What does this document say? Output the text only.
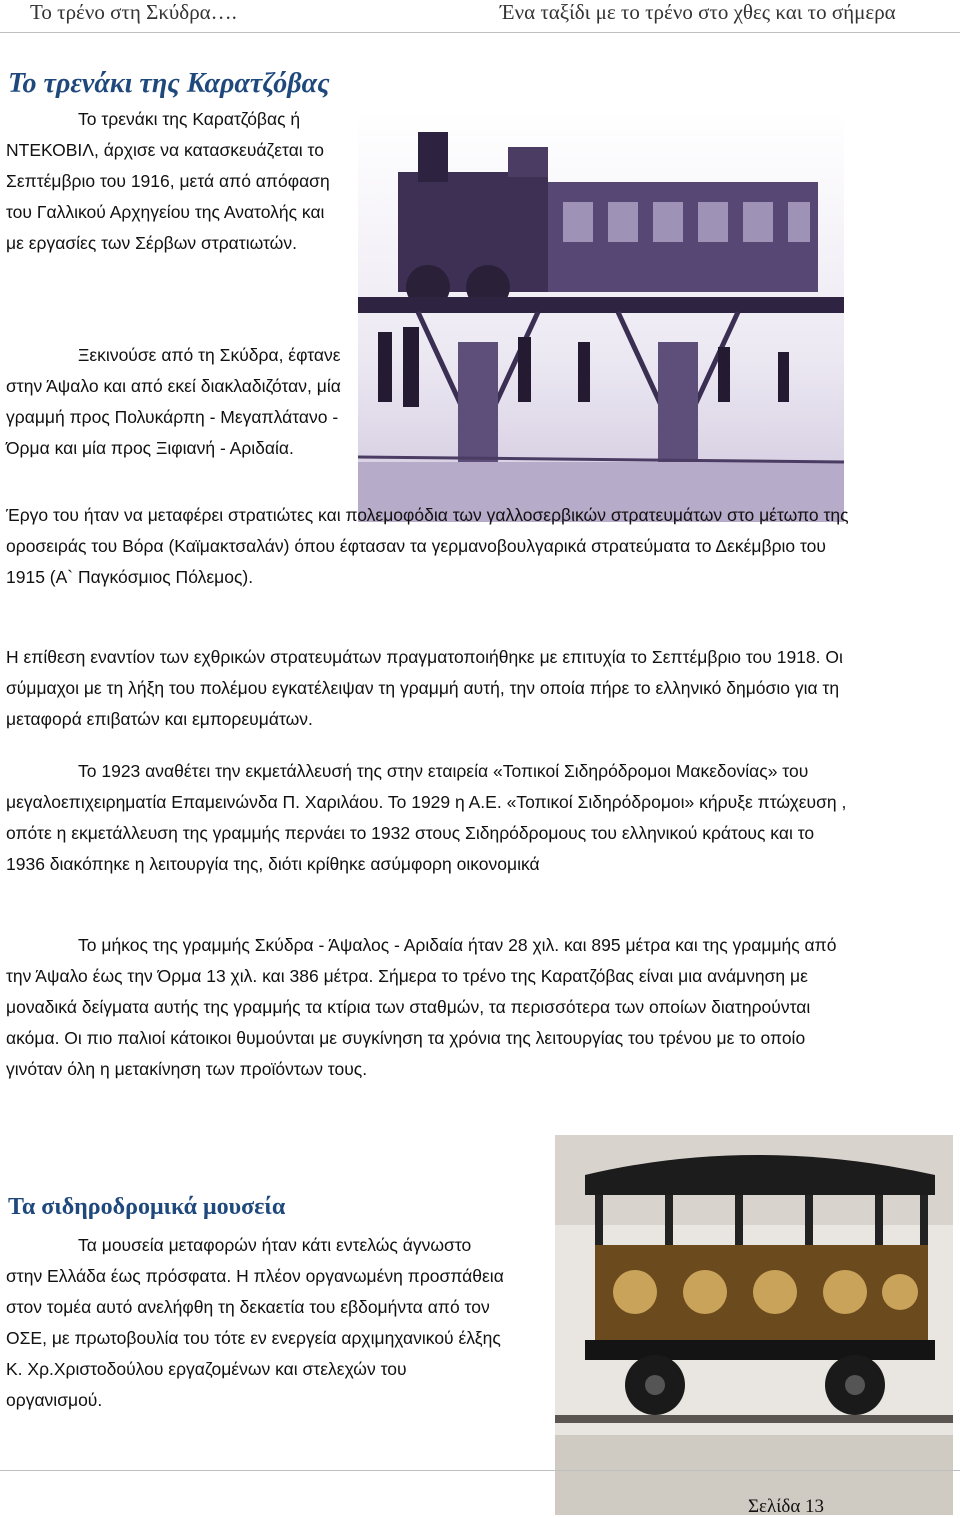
Το τρένο στη Σκύδρα….	Ένα ταξίδι με το τρένο στο χθες και το σήμερα
Το τρενάκι της Καρατζόβας

Το τρενάκι της Καρατζόβας ή ΝΤΕΚΟΒΙΛ, άρχισε να κατασκευάζεται το Σεπτέμβριο του 1916, μετά από απόφαση του Γαλλικού Αρχηγείου της Ανατολής και με εργασίες των Σέρβων στρατιωτών.

Ξεκινούσε από τη Σκύδρα, έφτανε στην Άψαλο και από εκεί διακλαδιζόταν, μία γραμμή προς Πολυκάρπη - Μεγαπλάτανο - Όρμα και μία προς Ξιφιανή - Αριδαία.

Έργο του ήταν να μεταφέρει στρατιώτες και πολεμοφόδια των γαλλοσερβικών στρατευμάτων στο μέτωπο της οροσειράς του Βόρα (Καϊμακτσαλάν) όπου έφτασαν τα γερμανοβουλγαρικά στρατεύματα το Δεκέμβριο του 1915 (Α` Παγκόσμιος Πόλεμος).

Η επίθεση εναντίον των εχθρικών στρατευμάτων πραγματοποιήθηκε με επιτυχία το Σεπτέμβριο του 1918. Οι σύμμαχοι με τη λήξη του πολέμου εγκατέλειψαν τη γραμμή αυτή, την οποία πήρε το ελληνικό δημόσιο για τη μεταφορά επιβατών και εμπορευμάτων.

Το 1923 αναθέτει την εκμετάλλευσή της στην εταιρεία «Τοπικοί Σιδηρόδρομοι Μακεδονίας» του μεγαλοεπιχειρηματία Επαμεινώνδα Π. Χαριλάου. Το 1929 η Α.Ε. «Τοπικοί Σιδηρόδρομοι» κήρυξε πτώχευση , οπότε η εκμετάλλευση της γραμμής περνάει το 1932 στους Σιδηρόδρομους του ελληνικού κράτους και το 1936 διακόπηκε η λειτουργία της, διότι κρίθηκε ασύμφορη οικονομικά

Το μήκος της γραμμής Σκύδρα - Άψαλος - Αριδαία ήταν 28 χιλ. και 895 μέτρα και της γραμμής από την Άψαλο έως την Όρμα 13 χιλ. και 386 μέτρα. Σήμερα το τρένο της Καρατζόβας είναι μια ανάμνηση με μοναδικά δείγματα αυτής της γραμμής τα κτίρια των σταθμών, τα περισσότερα των οποίων διατηρούνται ακόμα. Οι πιο παλιοί κάτοικοι θυμούνται με συγκίνηση τα χρόνια της λειτουργίας του τρένου με το οποίο γινόταν όλη η μετακίνηση των προϊόντων τους.

Τα σιδηροδρομικά μουσεία

Τα μουσεία μεταφορών ήταν κάτι εντελώς άγνωστο στην Ελλάδα έως πρόσφατα. Η πλέον οργανωμένη προσπάθεια στον τομέα αυτό ανελήφθη τη δεκαετία του εβδομήντα από τον ΟΣΕ, με πρωτοβουλία του τότε εν ενεργεία αρχιμηχανικού έλξης Κ. Χρ.Χριστοδούλου εργαζομένων και στελεχών του οργανισμού.

Σελίδα 13
